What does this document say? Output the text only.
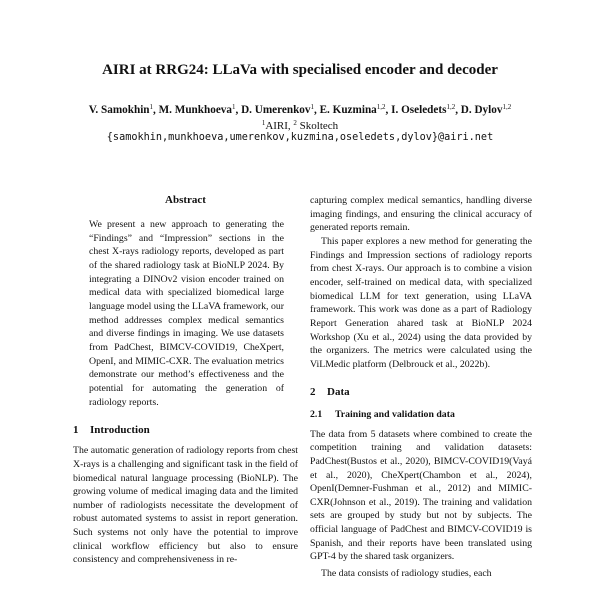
AIRI at RRG24: LLaVa with specialised encoder and decoder
V. Samokhin$^1$, M. Munkhoeva$^1$, D. Umerenkov$^1$, E. Kuzmina$^{1,2}$, I. Oseledets$^{1,2}$, D. Dylov$^{1,2}$
$^1$AIRI, $^2$ Skoltech
{samokhin,munkhoeva,umerenkov,kuzmina,oseledets,dylov}@airi.net
Abstract

We present a new approach to generating the “Findings” and “Impression” sections in the chest X-rays radiology reports, developed as part of the shared radiology task at BioNLP 2024. By integrating a DINOv2 vision encoder trained on medical data with specialized biomedical large language model using the LLaVA framework, our method addresses complex medical semantics and diverse findings in imaging. We use datasets from PadChest, BIMCV-COVID19, CheXpert, OpenI, and MIMIC-CXR. The evaluation metrics demonstrate our method’s effectiveness and the potential for automating the generation of radiology reports.

1	Introduction

The automatic generation of radiology reports from chest X-rays is a challenging and significant task in the field of biomedical natural language processing (BioNLP). The growing volume of medical imaging data and the limited number of radiologists necessitate the development of robust automated systems to assist in report generation. Such systems not only have the potential to improve clinical workflow efficiency but also to ensure consistency and comprehensiveness in re-

capturing complex medical semantics, handling diverse imaging findings, and ensuring the clinical accuracy of generated reports remain.

This paper explores a new method for generating the Findings and Impression sections of radiology reports from chest X-rays. Our approach is to combine a vision encoder, self-trained on medical data, with specialized biomedical LLM for text generation, using LLaVA framework. This work was done as a part of Radiology Report Generation ahared task at BioNLP 2024 Workshop (Xu et al., 2024) using the data provided by the organizers. The metrics were calculated using the ViLMedic platform (Delbrouck et al., 2022b).

2	Data
2.1	Training and validation data

The data from 5 datasets where combined to create the competition training and validation datasets: PadChest(Bustos et al., 2020), BIMCV-COVID19(Vayá et al., 2020), CheXpert(Chambon et al., 2024), OpenI(Demner-Fushman et al., 2012) and MIMIC-CXR(Johnson et al., 2019). The training and validation sets are grouped by study but not by subjects. The official language of PadChest and BIMCV-COVID19 is Spanish, and their reports have been translated using GPT-4 by the shared task organizers.

The data consists of radiology studies, each
